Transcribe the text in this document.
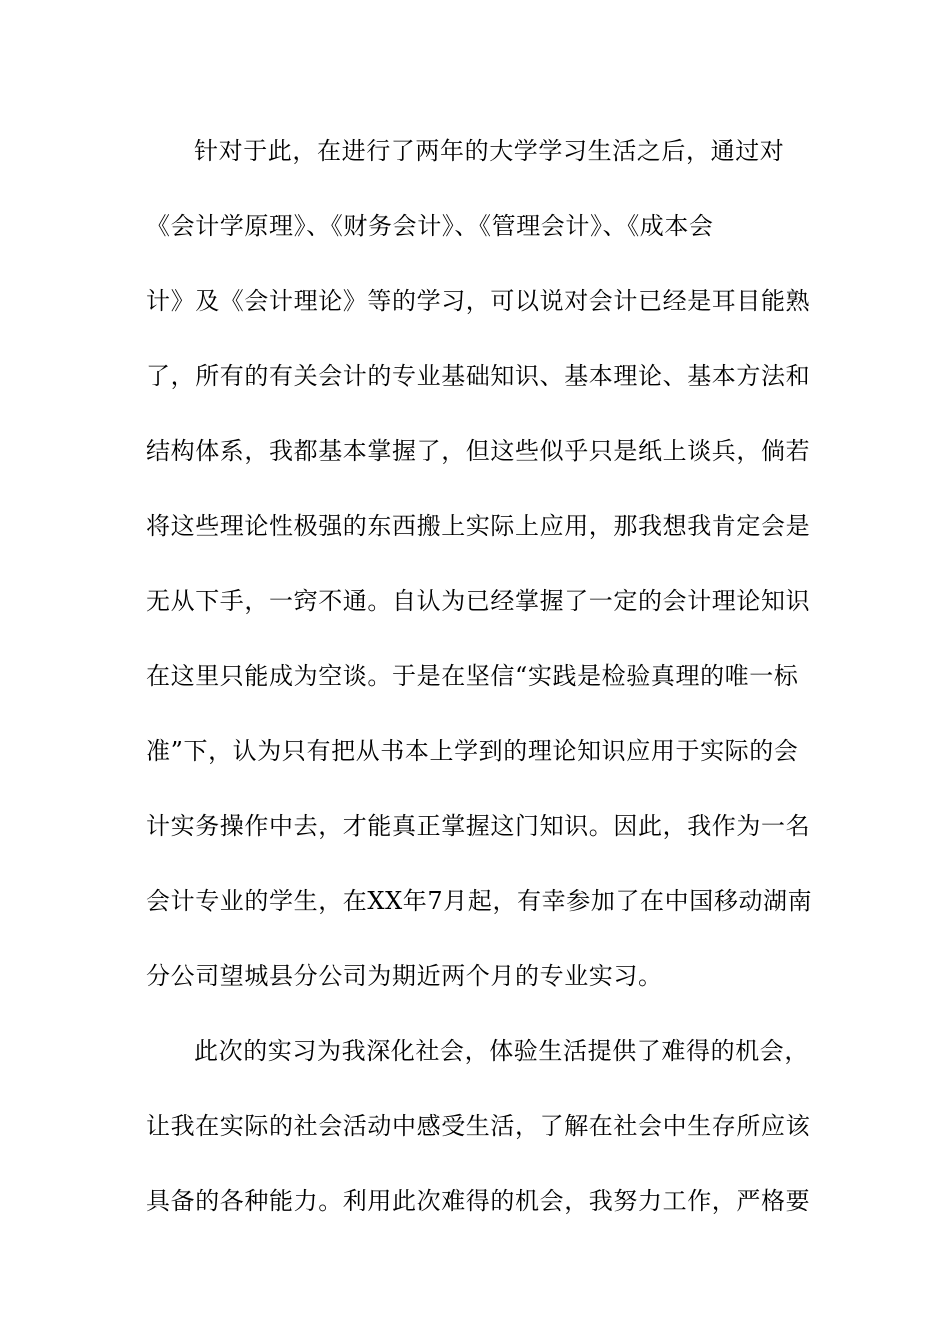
针对于此，在进行了两年的大学学习生活之后，通过对
《会计学原理》、《财务会计》、《管理会计》、《成本会
计》及《会计理论》等的学习，可以说对会计已经是耳目能熟
了，所有的有关会计的专业基础知识、基本理论、基本方法和
结构体系，我都基本掌握了，但这些似乎只是纸上谈兵，倘若
将这些理论性极强的东西搬上实际上应用，那我想我肯定会是
无从下手，一窍不通。自认为已经掌握了一定的会计理论知识
在这里只能成为空谈。于是在坚信“实践是检验真理的唯一标
准”下，认为只有把从书本上学到的理论知识应用于实际的会
计实务操作中去，才能真正掌握这门知识。因此，我作为一名
会计专业的学生，在XX年7月起，有幸参加了在中国移动湖南
分公司望城县分公司为期近两个月的专业实习。
此次的实习为我深化社会，体验生活提供了难得的机会，
让我在实际的社会活动中感受生活，了解在社会中生存所应该
具备的各种能力。利用此次难得的机会，我努力工作，严格要
